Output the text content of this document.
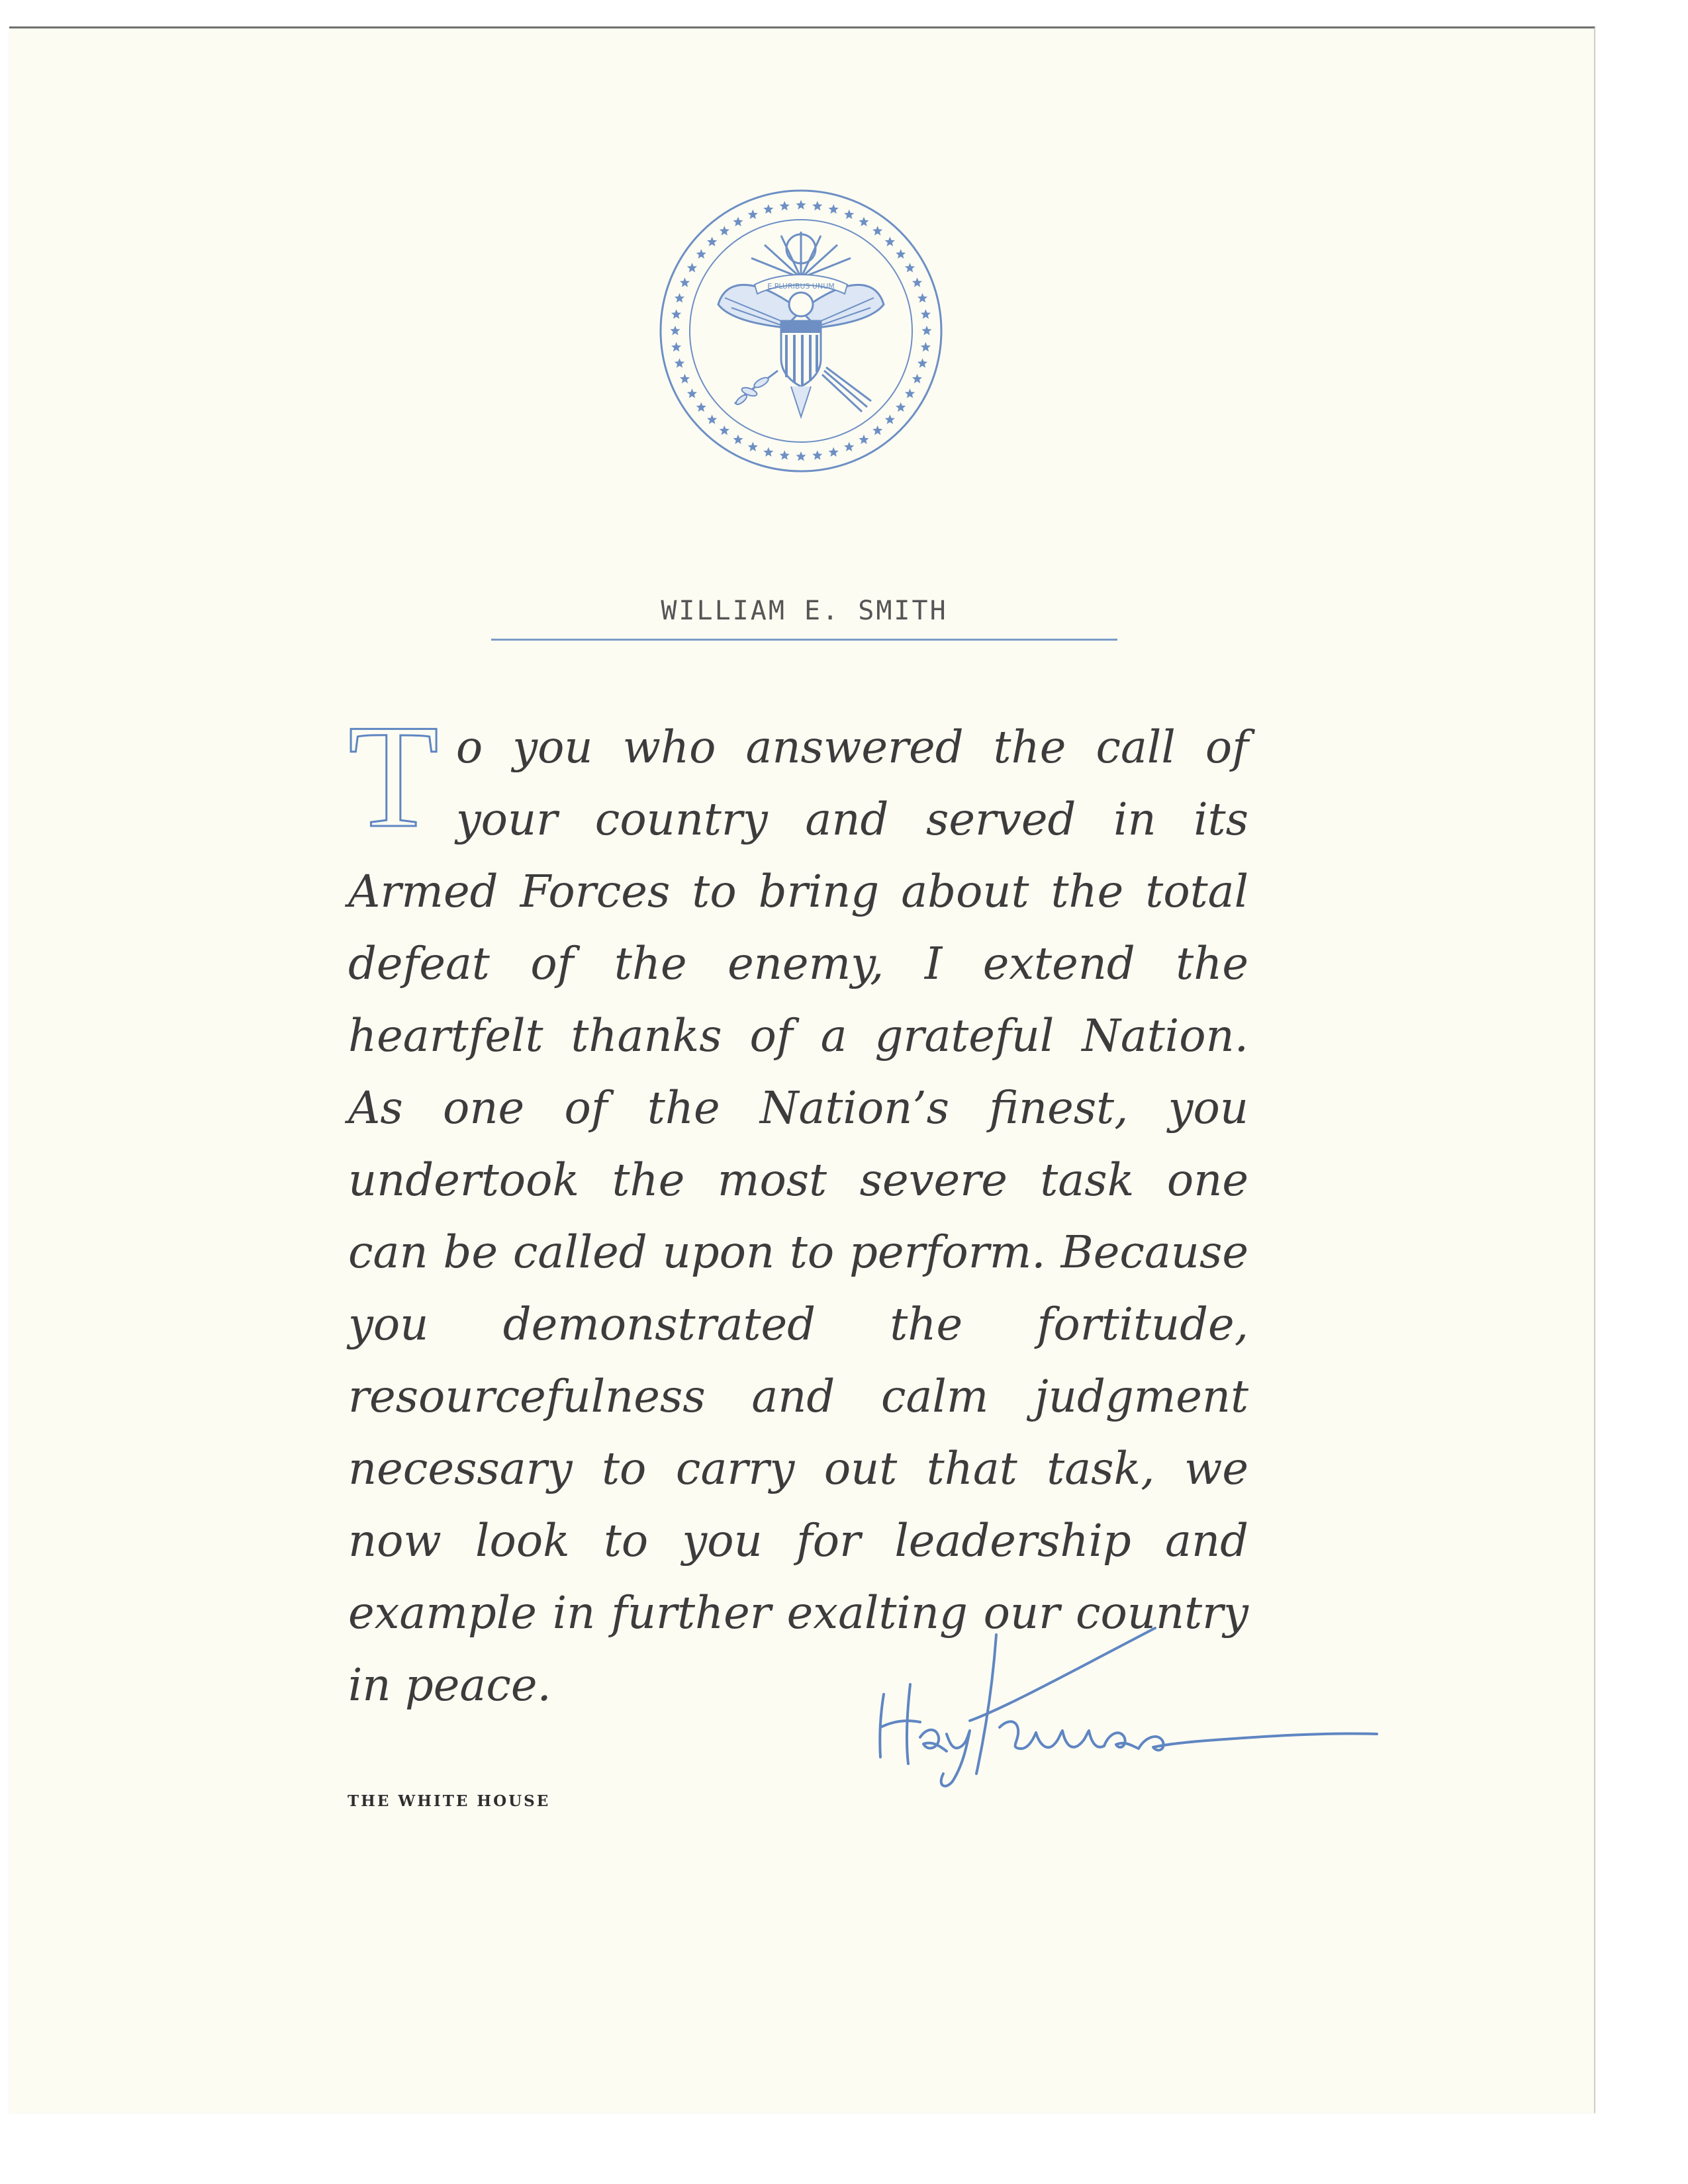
E PLURIBUS UNUM
WILLIAM E. SMITH
To you who answered the call of your country and served in its Armed Forces to bring about the total defeat of the enemy, I extend the heartfelt thanks of a grateful Nation. As one of the Nation’s finest, you undertook the most severe task one can be called upon to perform. Because you demonstrated the fortitude, resourcefulness and calm judgment necessary to carry out that task, we now look to you for leadership and example in further exalting our country in peace.
THE WHITE HOUSE
